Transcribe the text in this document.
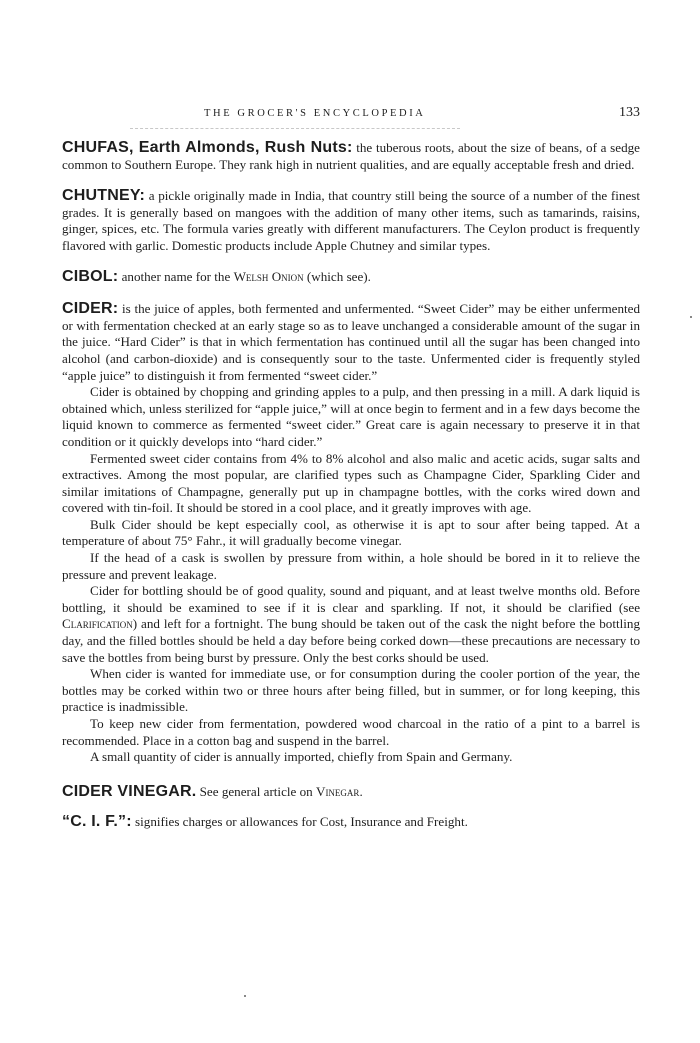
THE GROCER'S ENCYCLOPEDIA	133

CHUFAS, Earth Almonds, Rush Nuts: the tuberous roots, about the size of beans, of a sedge common to Southern Europe. They rank high in nutrient qualities, and are equally acceptable fresh and dried.

CHUTNEY: a pickle originally made in India, that country still being the source of a number of the finest grades. It is generally based on mangoes with the addition of many other items, such as tamarinds, raisins, ginger, spices, etc. The formula varies greatly with different manufacturers. The Ceylon product is frequently flavored with garlic. Domestic products include Apple Chutney and similar types.

CIBOL: another name for the Welsh Onion (which see).

CIDER: is the juice of apples, both fermented and unfermented. “Sweet Cider” may be either unfermented or with fermentation checked at an early stage so as to leave unchanged a considerable amount of the sugar in the juice. “Hard Cider” is that in which fermentation has continued until all the sugar has been changed into alcohol (and carbon-dioxide) and is consequently sour to the taste. Unfermented cider is frequently styled “apple juice” to distinguish it from fermented “sweet cider.”

Cider is obtained by chopping and grinding apples to a pulp, and then pressing in a mill. A dark liquid is obtained which, unless sterilized for “apple juice,” will at once begin to ferment and in a few days become the liquid known to commerce as fermented “sweet cider.” Great care is again necessary to preserve it in that condition or it quickly develops into “hard cider.”

Fermented sweet cider contains from 4% to 8% alcohol and also malic and acetic acids, sugar salts and extractives. Among the most popular, are clarified types such as Champagne Cider, Sparkling Cider and similar imitations of Champagne, generally put up in champagne bottles, with the corks wired down and covered with tin-foil. It should be stored in a cool place, and it greatly improves with age.

Bulk Cider should be kept especially cool, as otherwise it is apt to sour after being tapped. At a temperature of about 75° Fahr., it will gradually become vinegar.

If the head of a cask is swollen by pressure from within, a hole should be bored in it to relieve the pressure and prevent leakage.

Cider for bottling should be of good quality, sound and piquant, and at least twelve months old. Before bottling, it should be examined to see if it is clear and sparkling. If not, it should be clarified (see Clarification) and left for a fortnight. The bung should be taken out of the cask the night before the bottling day, and the filled bottles should be held a day before being corked down—these precautions are necessary to save the bottles from being burst by pressure. Only the best corks should be used.

When cider is wanted for immediate use, or for consumption during the cooler portion of the year, the bottles may be corked within two or three hours after being filled, but in summer, or for long keeping, this practice is inadmissible.

To keep new cider from fermentation, powdered wood charcoal in the ratio of a pint to a barrel is recommended. Place in a cotton bag and suspend in the barrel.

A small quantity of cider is annually imported, chiefly from Spain and Germany.

CIDER VINEGAR. See general article on Vinegar.

“C. I. F.”: signifies charges or allowances for Cost, Insurance and Freight.
